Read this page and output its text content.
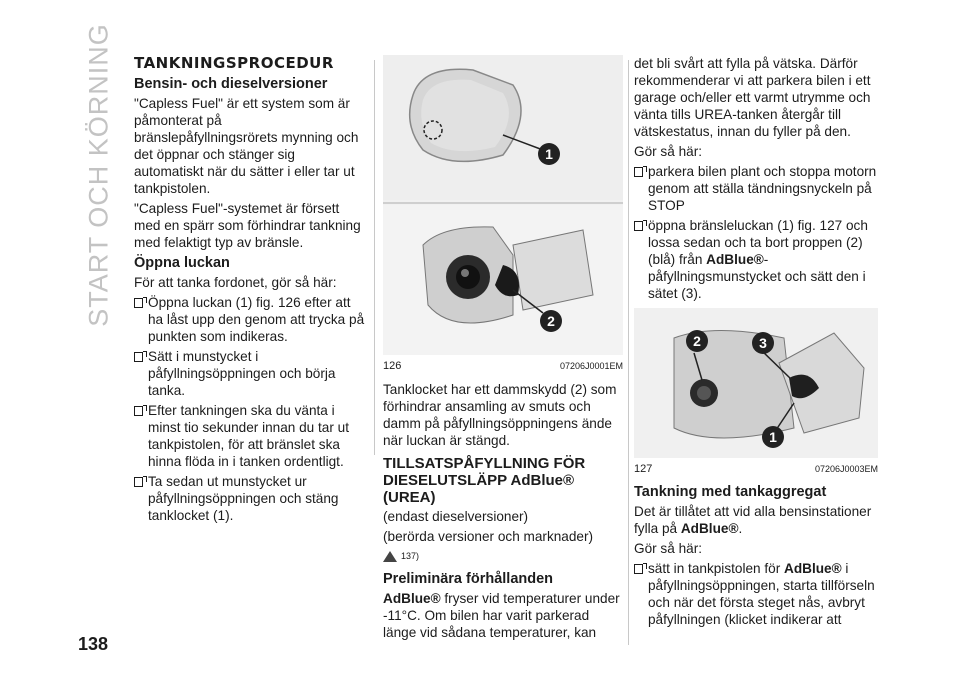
START OCH KÖRNING
138
TANKNINGSPROCEDUR
Bensin- och dieselversioner

"Capless Fuel" är ett system som är påmonterat på bränslepåfyllningsrörets mynning och det öppnar och stänger sig automatiskt när du sätter i eller tar ut tankpistolen.

"Capless Fuel"-systemet är försett med en spärr som förhindrar tankning med felaktigt typ av bränsle.

Öppna luckan

För att tanka fordonet, gör så här:

Öppna luckan (1) fig. 126 efter att ha låst upp den genom att trycka på punkten som indikeras.

Sätt i munstycket i påfyllningsöppningen och börja tanka.

Efter tankningen ska du vänta i minst tio sekunder innan du tar ut tankpistolen, för att bränslet ska hinna flöda in i tanken ordentligt.

Ta sedan ut munstycket ur påfyllningsöppningen och stäng tanklocket (1).

1
2
126	07206J0001EM

Tanklocket har ett dammskydd (2) som förhindrar ansamling av smuts och damm på påfyllningsöppningens ände när luckan är stängd.

TILLSATSPÅFYLLNING FÖR DIESELUTSLÄPP AdBlue® (UREA)

(endast dieselversioner)

(berörda versioner och marknader)

137)
Preliminära förhållanden

AdBlue® fryser vid temperaturer under -11°C. Om bilen har varit parkerad länge vid sådana temperaturer, kan

det bli svårt att fylla på vätska. Därför rekommenderar vi att parkera bilen i ett garage och/eller ett varmt utrymme och vänta tills UREA-tanken återgår till vätskestatus, innan du fyller på den.

Gör så här:

parkera bilen plant och stoppa motorn genom att ställa tändningsnyckeln på STOP

öppna bränsleluckan (1) fig. 127 och lossa sedan och ta bort proppen (2) (blå) från AdBlue®-påfyllningsmunstycket och sätt den i sätet (3).

2	3
1
127	07206J0003EM
Tankning med tankaggregat

Det är tillåtet att vid alla bensinstationer fylla på AdBlue®.

Gör så här:

sätt in tankpistolen för AdBlue® i påfyllningsöppningen, starta tillförseln och när det första steget nås, avbryt påfyllningen (klicket indikerar att
